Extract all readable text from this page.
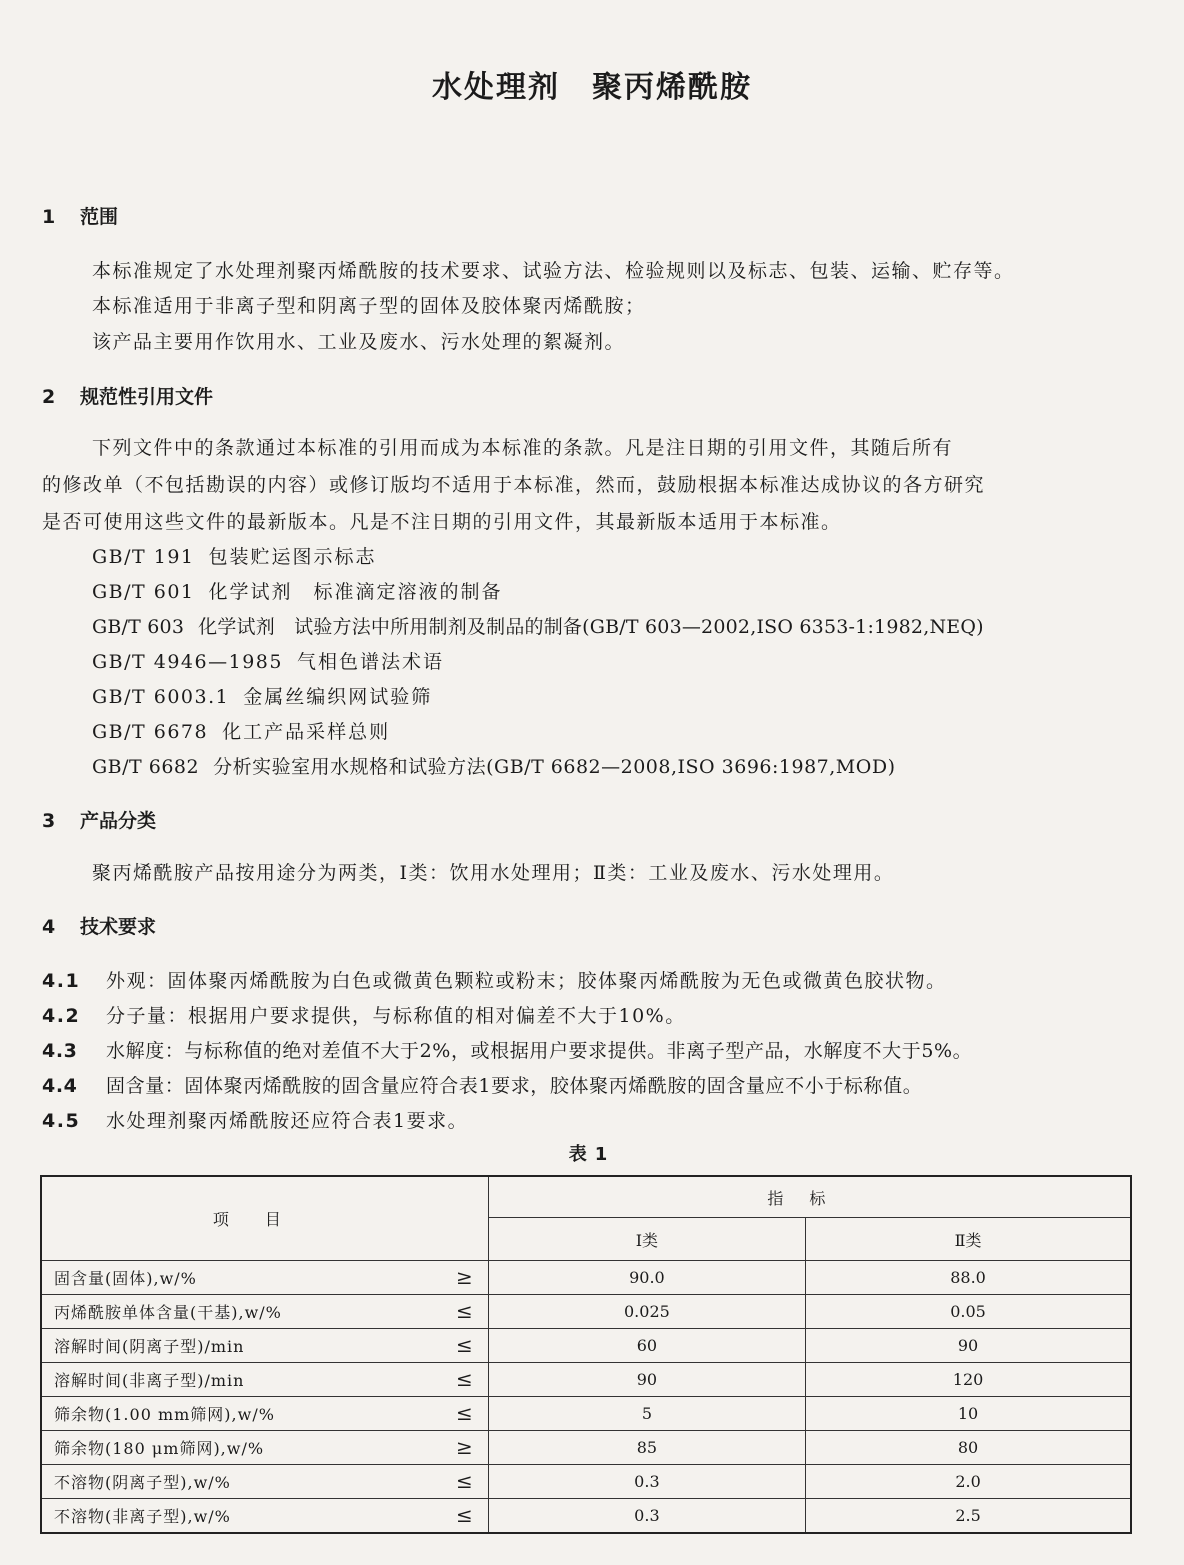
水处理剂　聚丙烯酰胺
1 范围
本标准规定了水处理剂聚丙烯酰胺的技术要求、试验方法、检验规则以及标志、包装、运输、贮存等。
本标准适用于非离子型和阴离子型的固体及胶体聚丙烯酰胺；
该产品主要用作饮用水、工业及废水、污水处理的絮凝剂。
2 规范性引用文件
下列文件中的条款通过本标准的引用而成为本标准的条款。凡是注日期的引用文件，其随后所有
的修改单（不包括勘误的内容）或修订版均不适用于本标准，然而，鼓励根据本标准达成协议的各方研究
是否可使用这些文件的最新版本。凡是不注日期的引用文件，其最新版本适用于本标准。
GB/T 191 包装贮运图示标志
GB/T 601 化学试剂　标准滴定溶液的制备
GB/T 603 化学试剂　试验方法中所用制剂及制品的制备(GB/T 603—2002,ISO 6353-1:1982,NEQ)
GB/T 4946—1985 气相色谱法术语
GB/T 6003.1 金属丝编织网试验筛
GB/T 6678 化工产品采样总则
GB/T 6682 分析实验室用水规格和试验方法(GB/T 6682—2008,ISO 3696:1987,MOD)
3 产品分类
聚丙烯酰胺产品按用途分为两类，Ⅰ类：饮用水处理用；Ⅱ类：工业及废水、污水处理用。
4 技术要求
4.1 外观：固体聚丙烯酰胺为白色或微黄色颗粒或粉末；胶体聚丙烯酰胺为无色或微黄色胶状物。
4.2 分子量：根据用户要求提供，与标称值的相对偏差不大于10%。
4.3 水解度：与标称值的绝对差值不大于2%，或根据用户要求提供。非离子型产品，水解度不大于5%。
4.4 固含量：固体聚丙烯酰胺的固含量应符合表1要求，胶体聚丙烯酰胺的固含量应不小于标称值。
4.5 水处理剂聚丙烯酰胺还应符合表1要求。
表1
项目	指标	
	Ⅰ类	Ⅱ类
固含量(固体),w/% ≥	90.0	88.0
丙烯酰胺单体含量(干基),w/% ≤	0.025	0.05
溶解时间(阴离子型)/min ≤	60	90
溶解时间(非离子型)/min ≤	90	120
筛余物(1.00 mm筛网),w/% ≤	5	10
筛余物(180 μm筛网),w/% ≥	85	80
不溶物(阴离子型),w/% ≤	0.3	2.0
不溶物(非离子型),w/% ≤	0.3	2.5
